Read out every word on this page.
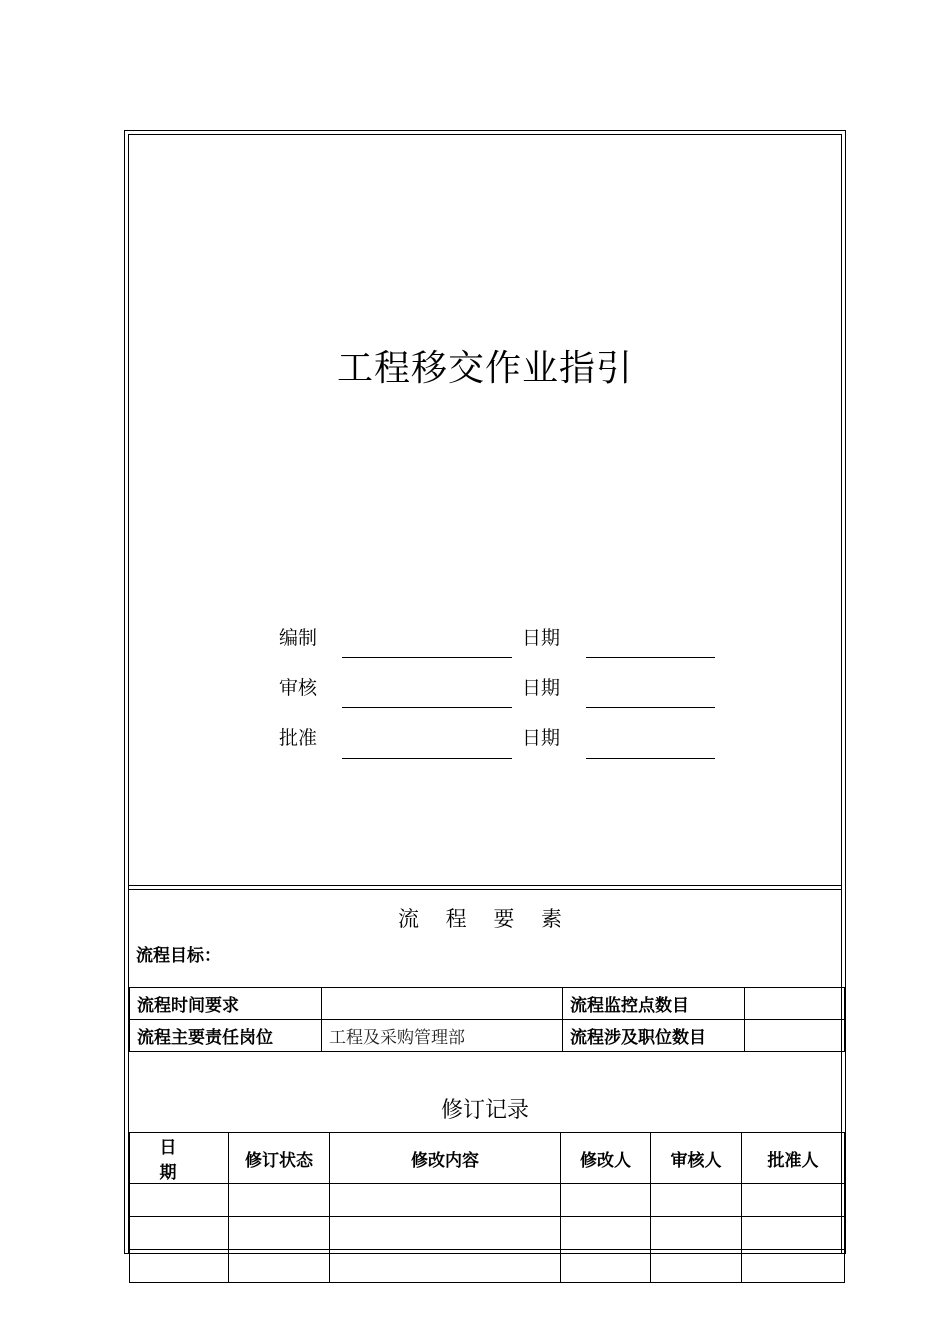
工程移交作业指引
编制	日期
审核	日期
批准	日期
流 程 要 素
流程目标：
流程时间要求		流程监控点数目	
流程主要责任岗位	工程及采购管理部	流程涉及职位数目	
修订记录
日 期	修订状态	修改内容	修改人	审核人	批准人
